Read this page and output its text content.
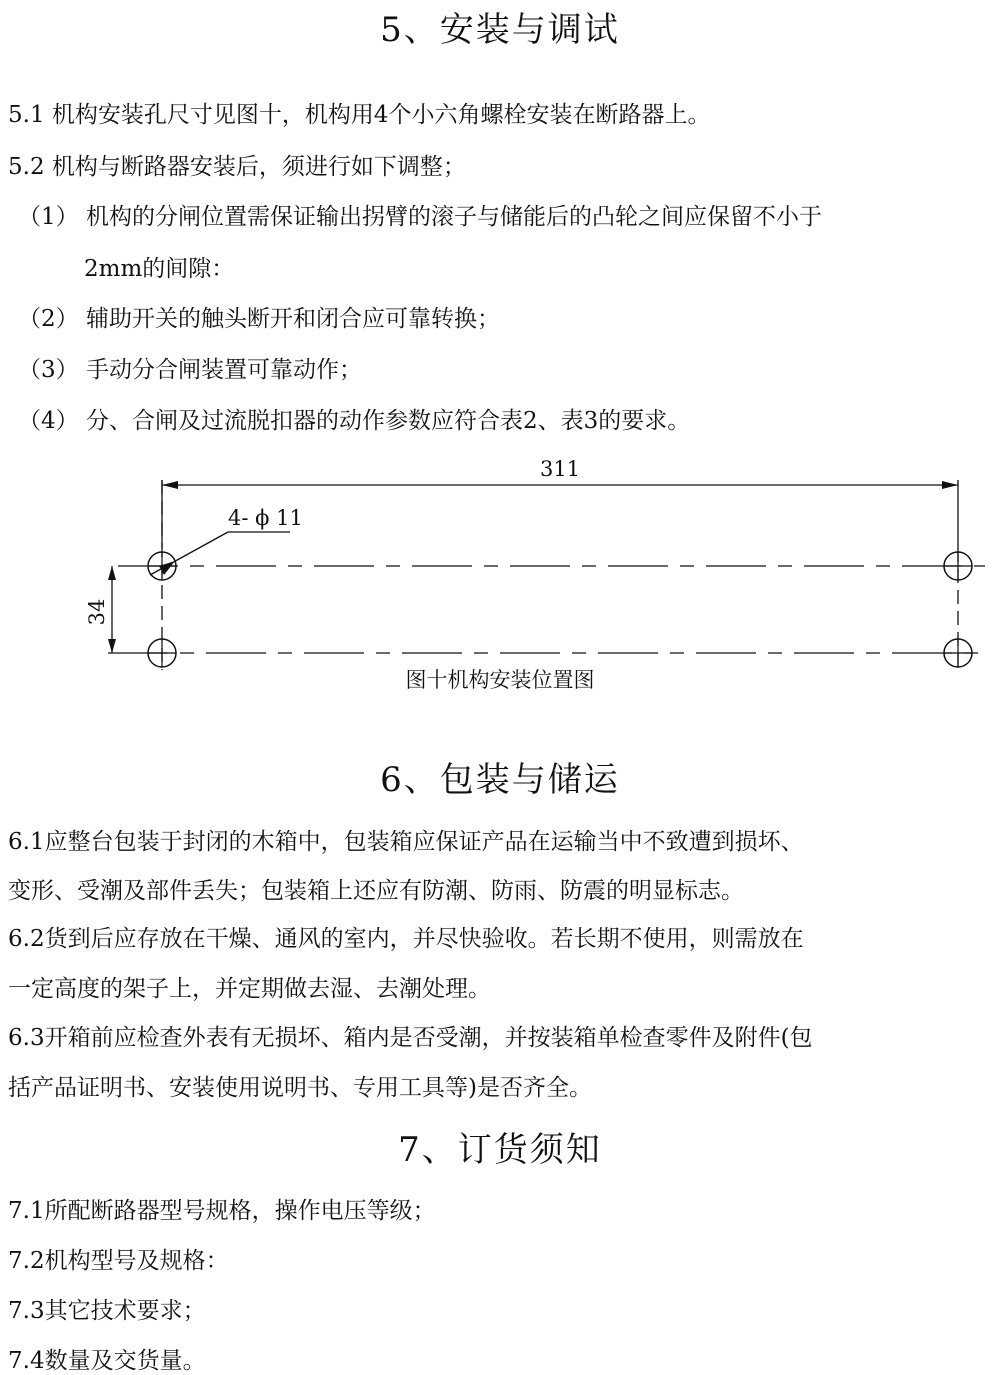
5、安装与调试

5.1 机构安装孔尺寸见图十，机构用4个小六角螺栓安装在断路器上。

5.2 机构与断路器安装后，须进行如下调整；

（1） 机构的分闸位置需保证输出拐臂的滚子与储能后的凸轮之间应保留不小于

2mm的间隙：

（2） 辅助开关的触头断开和闭合应可靠转换；

（3） 手动分合闸装置可靠动作；

（4） 分、合闸及过流脱扣器的动作参数应符合表2、表3的要求。

311
4- ϕ 11
34

图十机构安装位置图

6、包装与储运

6.1应整台包装于封闭的木箱中，包装箱应保证产品在运输当中不致遭到损坏、

变形、受潮及部件丢失；包装箱上还应有防潮、防雨、防震的明显标志。

6.2货到后应存放在干燥、通风的室内，并尽快验收。若长期不使用，则需放在

一定高度的架子上，并定期做去湿、去潮处理。

6.3开箱前应检查外表有无损坏、箱内是否受潮，并按装箱单检查零件及附件(包

括产品证明书、安装使用说明书、专用工具等)是否齐全。

7、订货须知

7.1所配断路器型号规格，操作电压等级；

7.2机构型号及规格：

7.3其它技术要求；

7.4数量及交货量。
